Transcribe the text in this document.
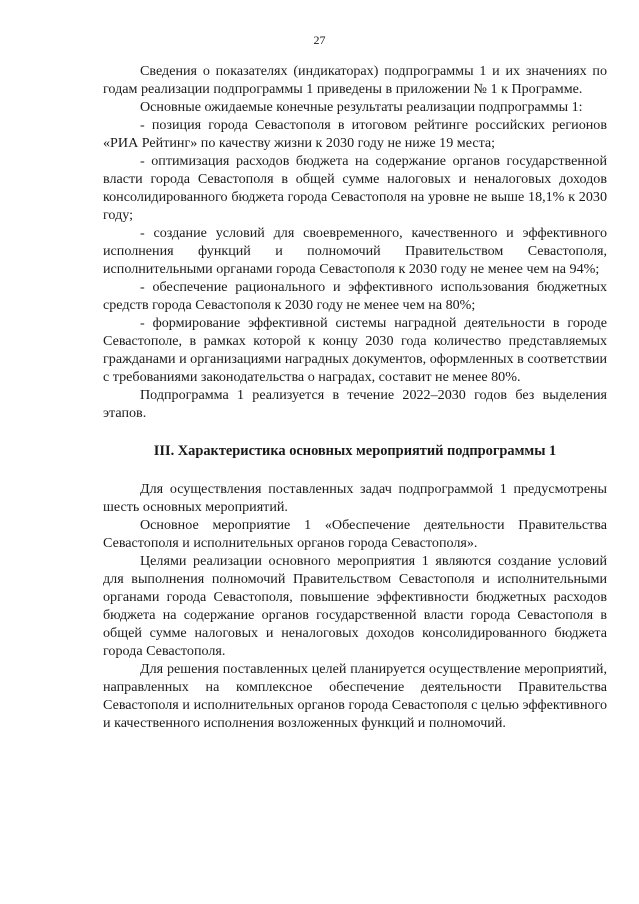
27

Сведения о показателях (индикаторах) подпрограммы 1 и их значениях по годам реализации подпрограммы 1 приведены в приложении № 1 к Программе.

Основные ожидаемые конечные результаты реализации подпрограммы 1:

- позиция города Севастополя в итоговом рейтинге российских регионов «РИА Рейтинг» по качеству жизни к 2030 году не ниже 19 места;

- оптимизация расходов бюджета на содержание органов государственной власти города Севастополя в общей сумме налоговых и неналоговых доходов консолидированного бюджета города Севастополя на уровне не выше 18,1% к 2030 году;

- создание условий для своевременного, качественного и эффективного исполнения функций и полномочий Правительством Севастополя, исполнительными органами города Севастополя к 2030 году не менее чем на 94%;

- обеспечение рационального и эффективного использования бюджетных средств города Севастополя к 2030 году не менее чем на 80%;

- формирование эффективной системы наградной деятельности в городе Севастополе, в рамках которой к концу 2030 года количество представляемых гражданами и организациями наградных документов, оформленных в соответствии с требованиями законодательства о наградах, составит не менее 80%.

Подпрограмма 1 реализуется в течение 2022–2030 годов без выделения этапов.

III. Характеристика основных мероприятий подпрограммы 1

Для осуществления поставленных задач подпрограммой 1 предусмотрены шесть основных мероприятий.

Основное мероприятие 1 «Обеспечение деятельности Правительства Севастополя и исполнительных органов города Севастополя».

Целями реализации основного мероприятия 1 являются создание условий для выполнения полномочий Правительством Севастополя и исполнительными органами города Севастополя, повышение эффективности бюджетных расходов бюджета на содержание органов государственной власти города Севастополя в общей сумме налоговых и неналоговых доходов консолидированного бюджета города Севастополя.

Для решения поставленных целей планируется осуществление мероприятий, направленных на комплексное обеспечение деятельности Правительства Севастополя и исполнительных органов города Севастополя с целью эффективного и качественного исполнения возложенных функций и полномочий.
